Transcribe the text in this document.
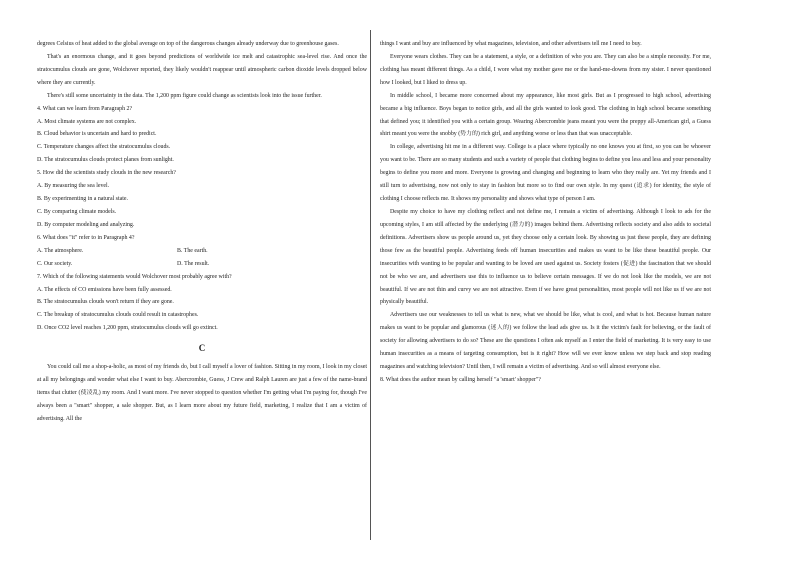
degrees Celsius of heat added to the global average on top of the dangerous changes already underway due to greenhouse gases.

That's an enormous change, and it goes beyond predictions of worldwide ice melt and catastrophic sea-level rise. And once the stratocumulus clouds are gone, Wolchover reported, they likely wouldn't reappear until atmospheric carbon dioxide levels dropped below where they are currently.

There's still some uncertainty in the data. The 1,200 ppm figure could change as scientists look into the issue further.

4. What can we learn from Paragraph 2?

A. Most climate systems are not complex.

B. Cloud behavior is uncertain and hard to predict.

C. Temperature changes affect the stratocumulus clouds.

D. The stratocumulus clouds protect planes from sunlight.

5. How did the scientists study clouds in the new research?

A. By measuring the sea level.

B. By experimenting in a natural state.

C. By comparing climate models.

D. By computer modeling and analyzing.

6. What does "it" refer to in Paragraph 4?

A. The atmosphere.	B. The earth.

C. Our society.	D. The result.

7. Which of the following statements would Wolchover most probably agree with?

A. The effects of CO emissions have been fully assessed.

B. The stratocumulus clouds won't return if they are gone.

C. The breakup of stratocumulus clouds could result in catastrophes.

D. Once CO2 level reaches 1,200 ppm, stratocumulus clouds will go extinct.

C

You could call me a shop-a-holic, as most of my friends do, but I call myself a lover of fashion. Sitting in my room, I look in my closet at all my belongings and wonder what else I want to buy. Abercrombie, Guess, J Crew and Ralph Lauren are just a few of the name-brand items that clutter (使凌乱) my room. And I want more. I've never stopped to question whether I'm getting what I'm paying for, though I've always been a "smart" shopper, a sale shopper. But, as I learn more about my future field, marketing, I realize that I am a victim of advertising. All the

things I want and buy are influenced by what magazines, television, and other advertisers tell me I need to buy.

Everyone wears clothes. They can be a statement, a style, or a definition of who you are. They can also be a simple necessity. For me, clothing has meant different things. As a child, I wore what my mother gave me or the hand-me-downs from my sister. I never questioned how I looked, but I liked to dress up.

In middle school, I became more concerned about my appearance, like most girls. But as I progressed to high school, advertising became a big influence. Boys began to notice girls, and all the girls wanted to look good. The clothing in high school became something that defined you; it identified you with a certain group. Wearing Abercrombie jeans meant you were the preppy all-American girl, a Guess shirt meant you were the snobby (势力的) rich girl, and anything worse or less than that was unacceptable.

In college, advertising hit me in a different way. College is a place where typically no one knows you at first, so you can be whoever you want to be. There are so many students and such a variety of people that clothing begins to define you less and less and your personality begins to define you more and more. Everyone is growing and changing and beginning to learn who they really are. Yet my friends and I still turn to advertising, now not only to stay in fashion but more so to find our own style. In my quest (追求) for identity, the style of clothing I choose reflects me. It shows my personality and shows what type of person I am.

Despite my choice to have my clothing reflect and not define me, I remain a victim of advertising. Although I look to ads for the upcoming styles, I am still affected by the underlying (潜力的) images behind them. Advertising reflects society and also adds to societal definitions. Advertisers show us people around us, yet they choose only a certain look. By showing us just these people, they are defining those few as the beautiful people. Advertising feeds off human insecurities and makes us want to be like these beautiful people. Our insecurities with wanting to be popular and wanting to be loved are used against us. Society fosters (促进) the fascination that we should not be who we are, and advertisers use this to influence us to believe certain messages. If we do not look like the models, we are not beautiful. If we are not thin and curvy we are not attractive. Even if we have great personalities, most people will not like us if we are not physically beautiful.

Advertisers use our weaknesses to tell us what is new, what we should be like, what is cool, and what is hot. Because human nature makes us want to be popular and glamorous (迷人的) we follow the lead ads give us. Is it the victim's fault for believing, or the fault of society for allowing advertisers to do so? These are the questions I often ask myself as I enter the field of marketing. It is very easy to use human insecurities as a means of targeting consumption, but is it right? How will we ever know unless we step back and stop reading magazines and watching television? Until then, I will remain a victim of advertising. And so will almost everyone else.

8. What does the author mean by calling herself "a 'smart' shopper"?
